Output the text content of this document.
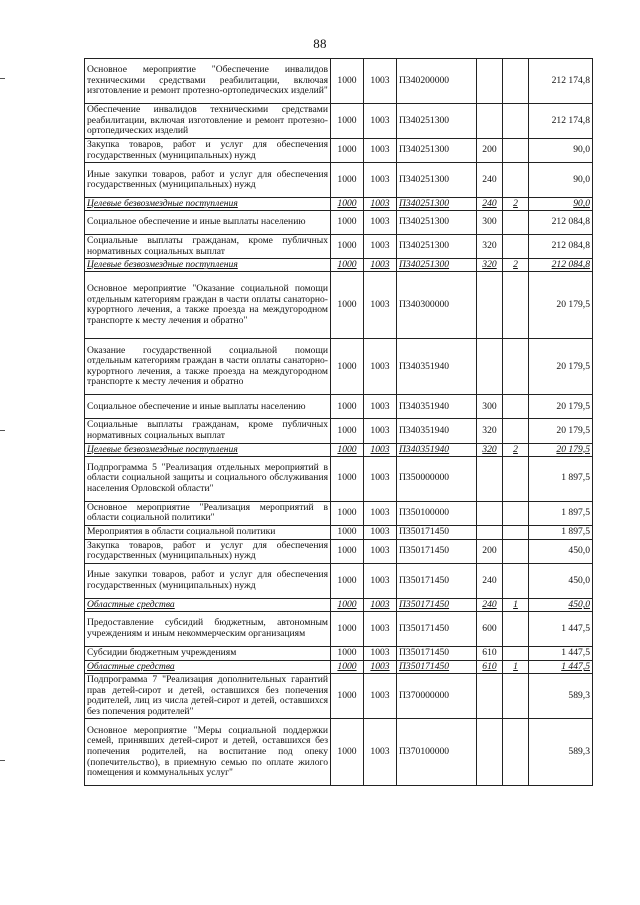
88
Основное мероприятие "Обеспечение инвалидов техническими средствами реабилитации, включая изготовление и ремонт протезно-ортопедических изделий"	1000	1003	П340200000			212 174,8
Обеспечение инвалидов техническими средствами реабилитации, включая изготовление и ремонт протезно-ортопедических изделий	1000	1003	П340251300			212 174,8
Закупка товаров, работ и услуг для обеспечения государственных (муниципальных) нужд	1000	1003	П340251300	200		90,0
Иные закупки товаров, работ и услуг для обеспечения государственных (муниципальных) нужд	1000	1003	П340251300	240		90,0
Целевые безвозмездные поступления	1000	1003	П340251300	240	2	90,0
Социальное обеспечение и иные выплаты населению	1000	1003	П340251300	300		212 084,8
Социальные выплаты гражданам, кроме публичных нормативных социальных выплат	1000	1003	П340251300	320		212 084,8
Целевые безвозмездные поступления	1000	1003	П340251300	320	2	212 084,8
Основное мероприятие "Оказание социальной помощи отдельным категориям граждан в части оплаты санаторно-курортного лечения, а также проезда на междугородном транспорте к месту лечения и обратно"	1000	1003	П340300000			20 179,5
Оказание государственной социальной помощи отдельным категориям граждан в части оплаты санаторно-курортного лечения, а также проезда на междугородном транспорте к месту лечения и обратно	1000	1003	П340351940			20 179,5
Социальное обеспечение и иные выплаты населению	1000	1003	П340351940	300		20 179,5
Социальные выплаты гражданам, кроме публичных нормативных социальных выплат	1000	1003	П340351940	320		20 179,5
Целевые безвозмездные поступления	1000	1003	П340351940	320	2	20 179,5
Подпрограмма 5 "Реализация отдельных мероприятий в области социальной защиты и социального обслуживания населения Орловской области"	1000	1003	П350000000			1 897,5
Основное мероприятие "Реализация мероприятий в области социальной политики"	1000	1003	П350100000			1 897,5
Мероприятия в области социальной политики	1000	1003	П350171450			1 897,5
Закупка товаров, работ и услуг для обеспечения государственных (муниципальных) нужд	1000	1003	П350171450	200		450,0
Иные закупки товаров, работ и услуг для обеспечения государственных (муниципальных) нужд	1000	1003	П350171450	240		450,0
Областные средства	1000	1003	П350171450	240	1	450,0
Предоставление субсидий бюджетным, автономным учреждениям и иным некоммерческим организациям	1000	1003	П350171450	600		1 447,5
Субсидии бюджетным учреждениям	1000	1003	П350171450	610		1 447,5
Областные средства	1000	1003	П350171450	610	1	1 447,5
Подпрограмма 7 "Реализация дополнительных гарантий прав детей-сирот и детей, оставшихся без попечения родителей, лиц из числа детей-сирот и детей, оставшихся без попечения родителей"	1000	1003	П370000000			589,3
Основное мероприятие "Меры социальной поддержки семей, принявших детей-сирот и детей, оставшихся без попечения родителей, на воспитание под опеку (попечительство), в приемную семью по оплате жилого помещения и коммунальных услуг"	1000	1003	П370100000			589,3
